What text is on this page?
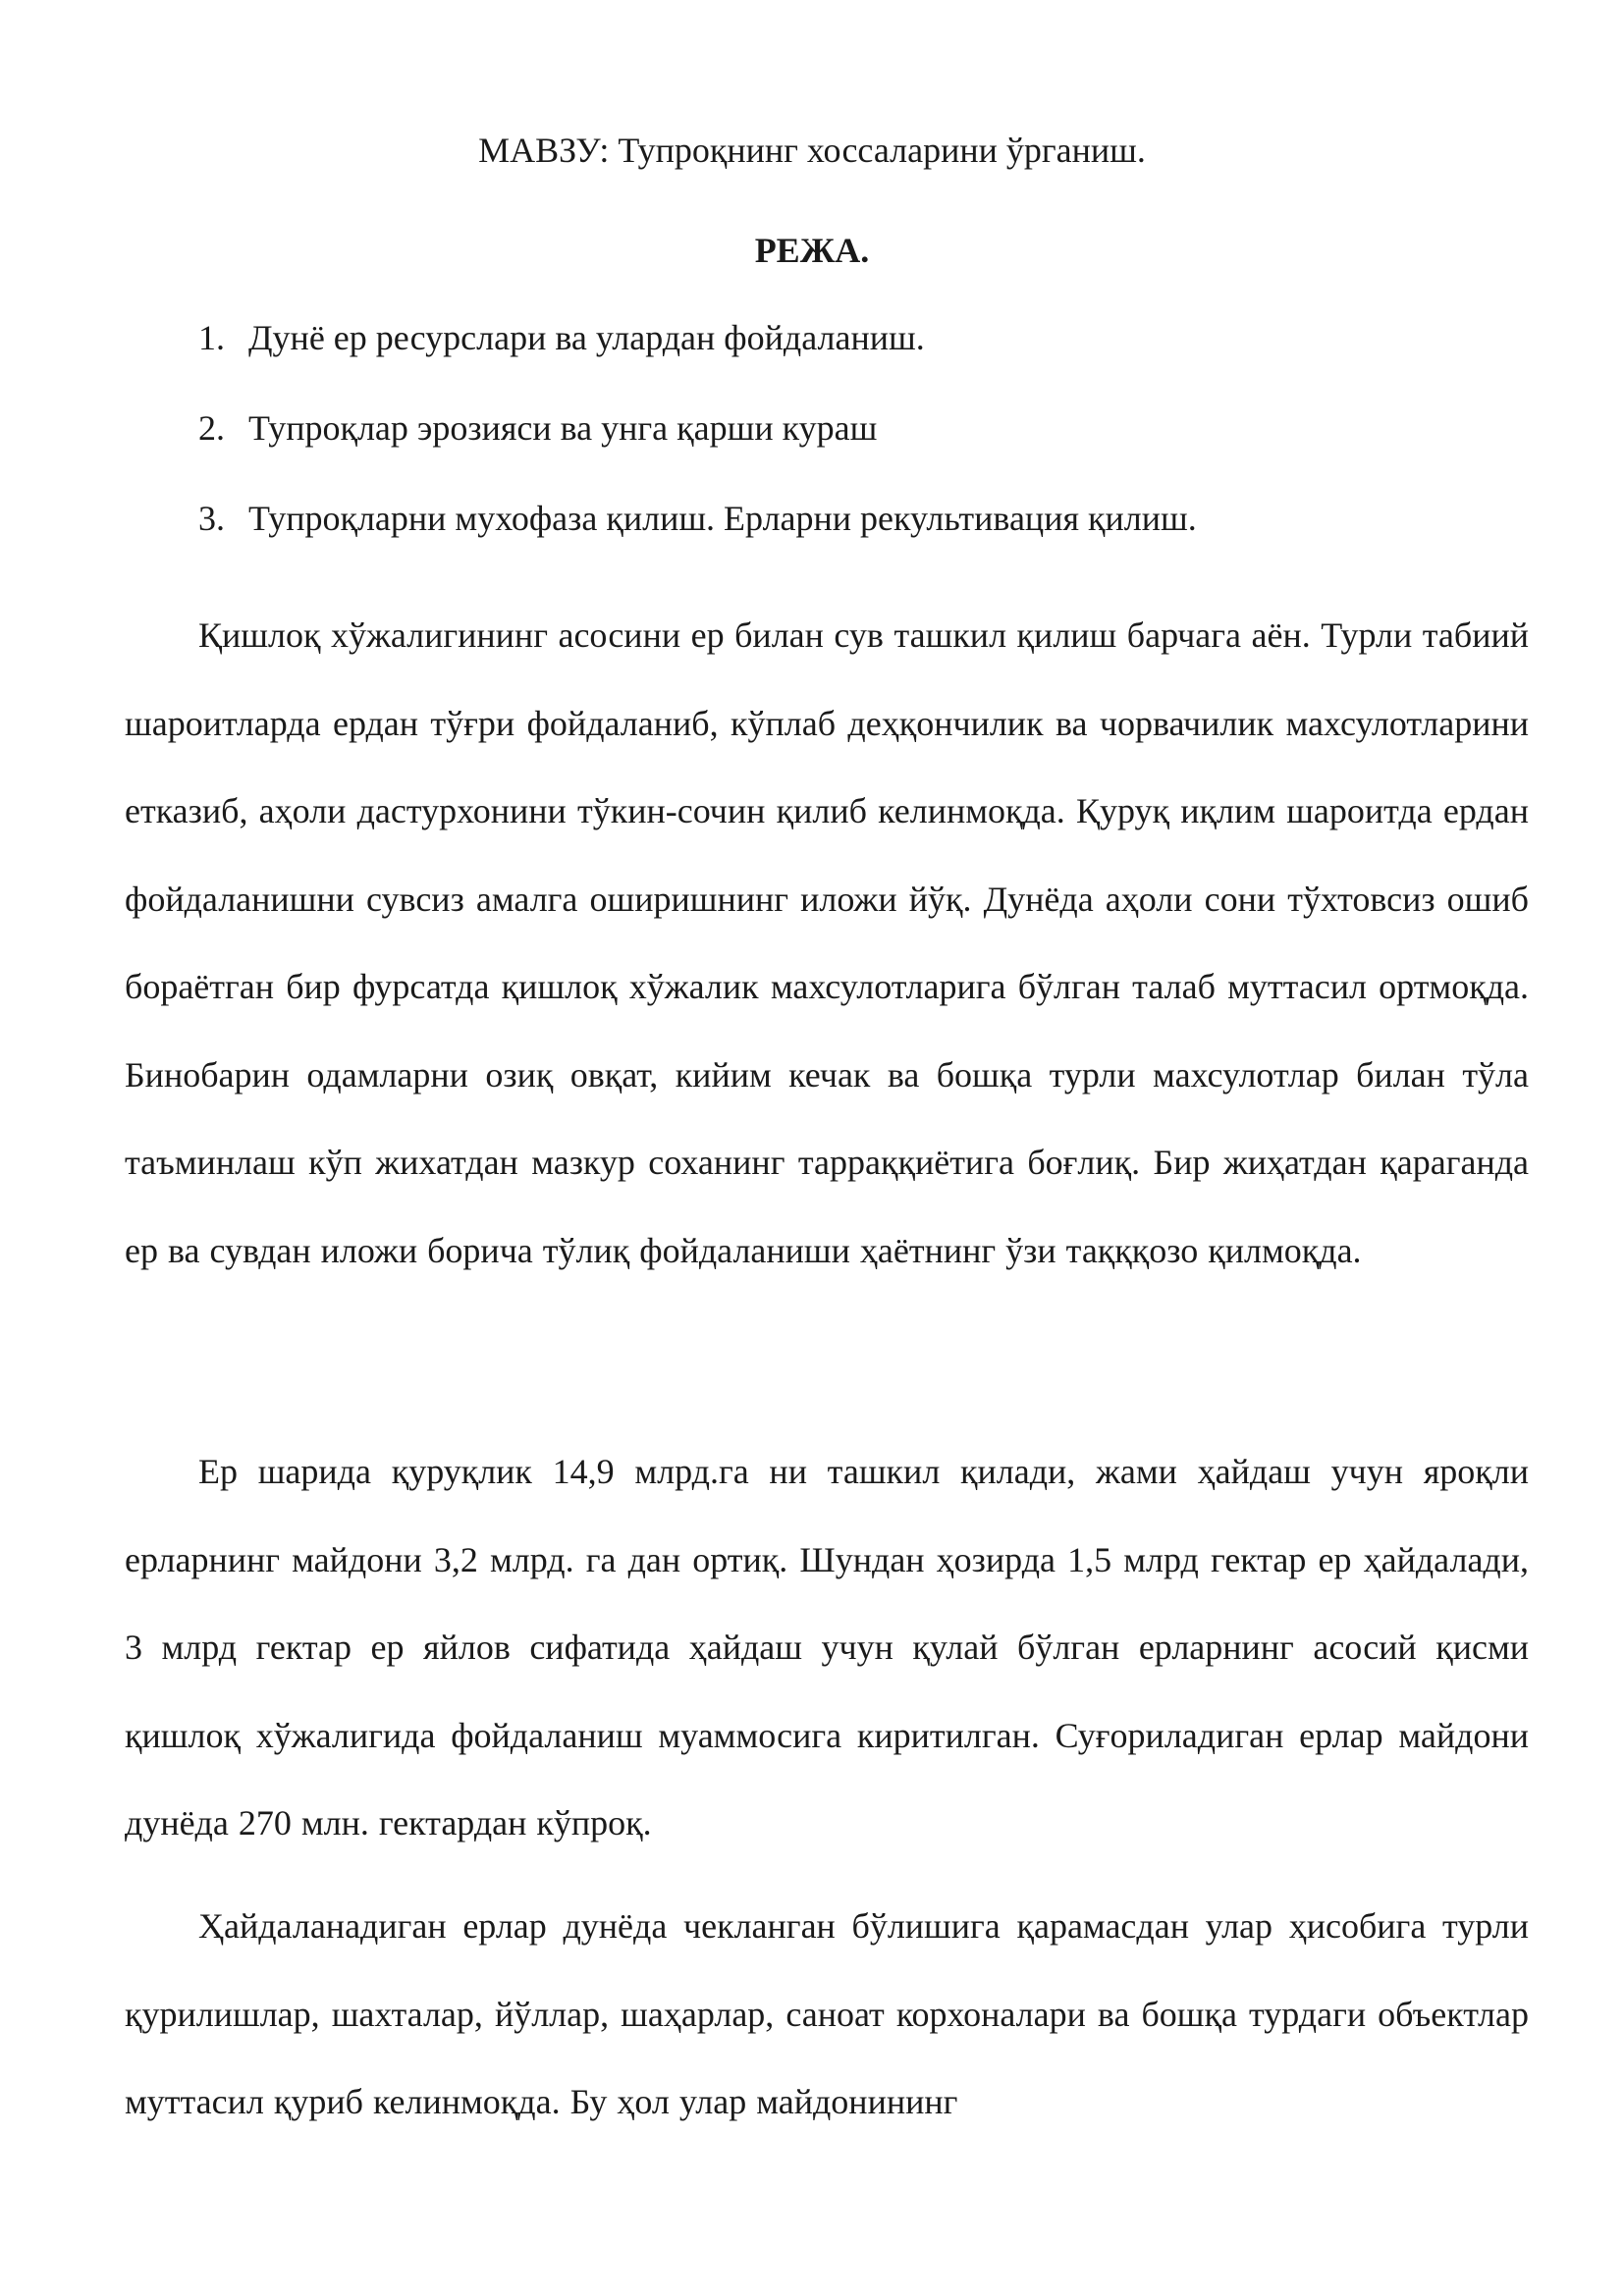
МАВЗУ: Тупроқнинг хоссаларини ўрганиш.
РЕЖА.
1. Дунё ер ресурслари ва улардан фойдаланиш.
2. Тупроқлар эрозияси ва унга қарши кураш
3. Тупроқларни мухофаза қилиш. Ерларни рекультивация қилиш.

Қишлоқ хўжалигининг асосини ер билан сув ташкил қилиш барчага аён. Турли табиий шароитларда ердан тўғри фойдаланиб, кўплаб деҳқончилик ва чорвачилик махсулотларини етказиб, аҳоли дастурхонини тўкин-сочин қилиб келинмоқда. Қуруқ иқлим шароитда ердан фойдаланишни сувсиз амалга оширишнинг иложи йўқ. Дунёда аҳоли сони тўхтовсиз ошиб бораётган бир фурсатда қишлоқ хўжалик махсулотларига бўлган талаб муттасил ортмоқда. Бинобарин одамларни озиқ овқат, кийим кечак ва бошқа турли махсулотлар билан тўла таъминлаш кўп жихатдан мазкур соханинг тарраққиётига боғлиқ. Бир жиҳатдан қараганда ер ва сувдан иложи борича тўлиқ фойдаланиши ҳаётнинг ўзи тақққозо қилмоқда.

Ер шарида қуруқлик 14,9 млрд.га ни ташкил қилади, жами ҳайдаш учун яроқли ерларнинг майдони 3,2 млрд. га дан ортиқ. Шундан ҳозирда 1,5 млрд гектар ер ҳайдалади, 3 млрд гектар ер яйлов сифатида ҳайдаш учун қулай бўлган ерларнинг асосий қисми қишлоқ хўжалигида фойдаланиш муаммосига киритилган. Суғориладиган ерлар майдони дунёда 270 млн. гектардан кўпроқ.

Ҳайдаланадиган ерлар дунёда чекланган бўлишига қарамасдан улар ҳисобига турли қурилишлар, шахталар, йўллар, шаҳарлар, саноат корхоналари ва бошқа турдаги объектлар муттасил қуриб келинмоқда. Бу ҳол улар майдонининг
